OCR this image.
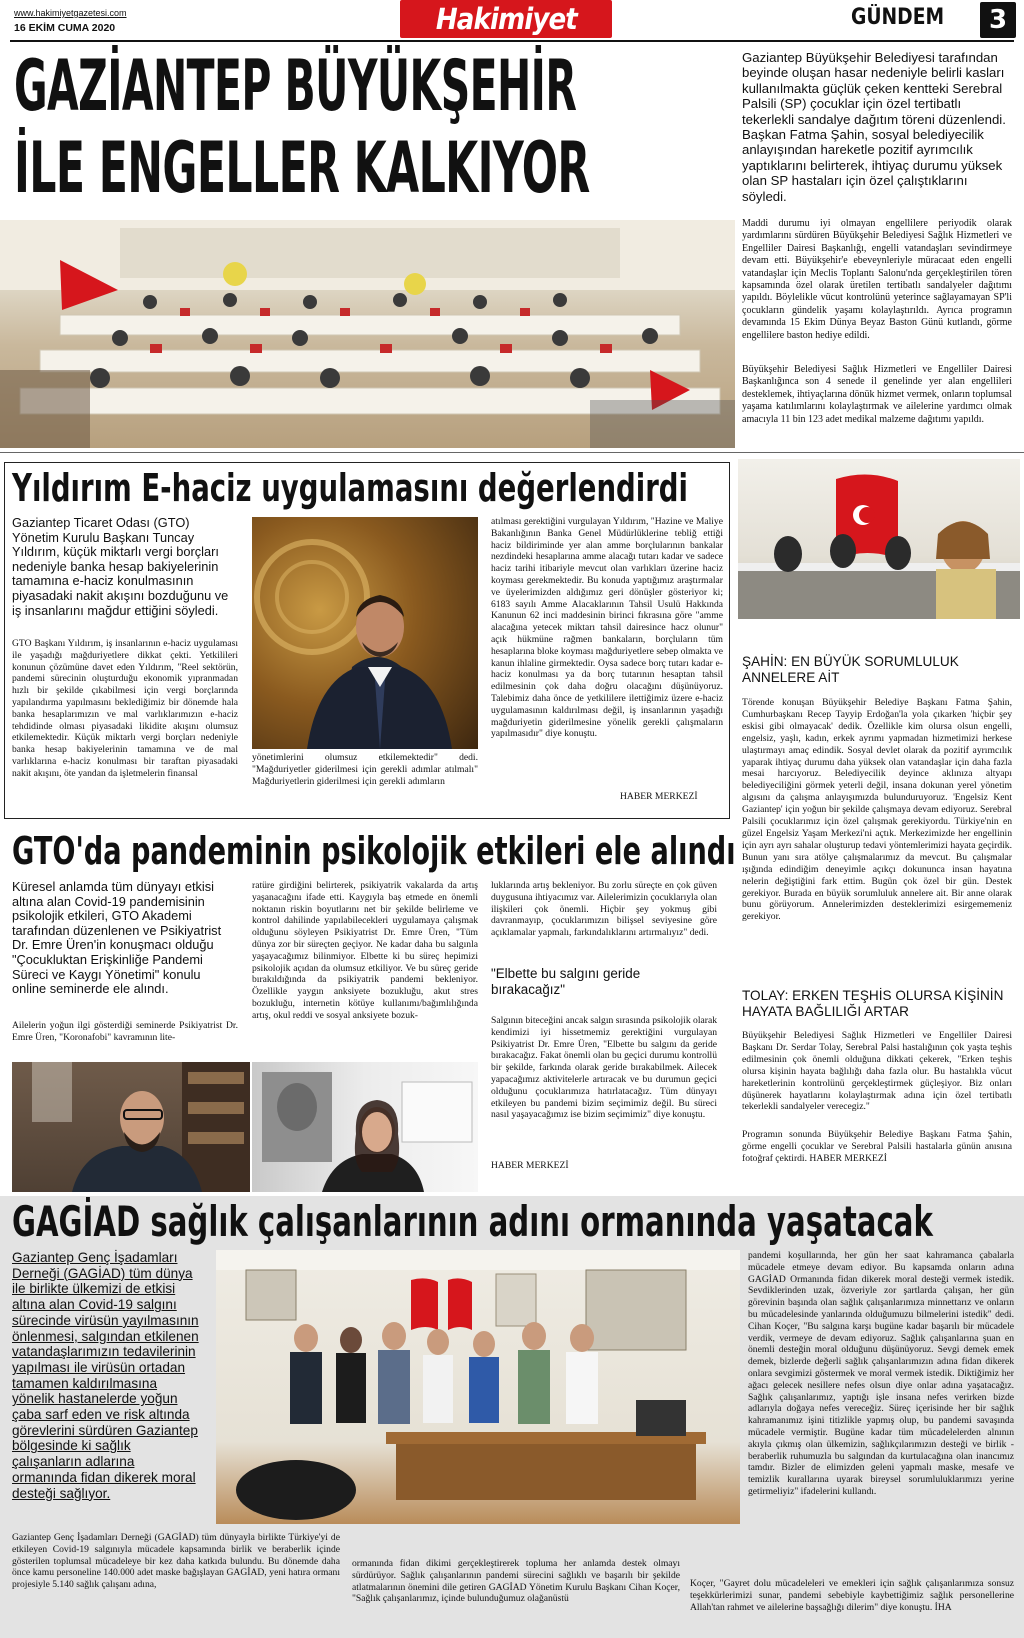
www.hakimiyetgazetesi.com
16 EKİM CUMA 2020	Hakimiyet	GÜNDEM 3
GAZİANTEP BÜYÜKŞEHİR
İLE ENGELLER KALKIYOR
Gaziantep Büyükşehir Belediyesi tarafından beyinde oluşan hasar nedeniyle belirli kasları kullanılmakta güçlük çeken kentteki Serebral Palsili (SP) çocuklar için özel tertibatlı tekerlekli sandalye dağıtım töreni düzenlendi. Başkan Fatma Şahin, sosyal belediyecilik anlayışından hareketle pozitif ayrımcılık yaptıklarını belirterek, ihtiyaç durumu yüksek olan SP hastaları için özel çalıştıklarını söyledi.
Maddi durumu iyi olmayan engellilere periyodik olarak yardımlarını sürdüren Büyükşehir Belediyesi Sağlık Hizmetleri ve Engelliler Dairesi Başkanlığı, engelli vatandaşları sevindirmeye devam etti. Büyükşehir'e ebeveynleriyle müracaat eden engelli vatandaşlar için Meclis Toplantı Salonu'nda gerçekleştirilen tören kapsamında özel olarak üretilen tertibatlı sandalyeler dağıtımı yapıldı. Böylelikle vücut kontrolünü yeterince sağlayamayan SP'li çocukların gündelik yaşamı kolaylaştırıldı. Ayrıca programın devamında 15 Ekim Dünya Beyaz Baston Günü kutlandı, görme engellilere baston hediye edildi.
Büyükşehir Belediyesi Sağlık Hizmetleri ve Engelliler Dairesi Başkanlığınca son 4 senede il genelinde yer alan engellileri desteklemek, ihtiyaçlarına dönük hizmet vermek, onların toplumsal yaşama katılımlarını kolaylaştırmak ve ailelerine yardımcı olmak amacıyla 11 bin 123 adet medikal malzeme dağıtımı yapıldı.
Yıldırım E-haciz uygulamasını değerlendirdi
Gaziantep Ticaret Odası (GTO) Yönetim Kurulu Başkanı Tuncay Yıldırım, küçük miktarlı vergi borçları nedeniyle banka hesap bakiyelerinin tamamına e-haciz konulmasının piyasadaki nakit akışını bozduğunu ve iş insanlarını mağdur ettiğini söyledi.
GTO Başkanı Yıldırım, iş insanlarının e-haciz uygulaması ile yaşadığı mağduriyetlere dikkat çekti. Yetkilileri konunun çözümüne davet eden Yıldırım, "Reel sektörün, pandemi sürecinin oluşturduğu ekonomik yıpranmadan hızlı bir şekilde çıkabilmesi için vergi borçlarında yapılandırma yapılmasını beklediğimiz bir dönemde hala banka hesaplarımızın ve mal varlıklarımızın e-haciz tehdidinde olması piyasadaki likidite akışını olumsuz etkilemektedir. Küçük miktarlı vergi borçları nedeniyle banka hesap bakiyelerinin tamamına ve de mal varlıklarına e-haciz konulması bir taraftan piyasadaki nakit akışını, öte yandan da işletmelerin finansal
yönetimlerini olumsuz etkilemektedir" dedi. "Mağduriyetler giderilmesi için gerekli adımlar atılmalı" Mağduriyetlerin giderilmesi için gerekli adımların
atılması gerektiğini vurgulayan Yıldırım, "Hazine ve Maliye Bakanlığının Banka Genel Müdürlüklerine tebliğ ettiği haciz bildiriminde yer alan amme borçlularının bankalar nezdindeki hesaplarına amme alacağı tutarı kadar ve sadece haciz tarihi itibariyle mevcut olan varlıkları üzerine haciz koyması gerekmektedir. Bu konuda yaptığımız araştırmalar ve üyelerimizden aldığımız geri dönüşler gösteriyor ki; 6183 sayılı Amme Alacaklarının Tahsil Usulü Hakkında Kanunun 62 inci maddesinin birinci fıkrasına göre "amme alacağına yetecek miktarı tahsil dairesince hacz olunur" açık hükmüne rağmen bankaların, borçluların tüm hesaplarına bloke koyması mağduriyetlere sebep olmakta ve kanun ihlaline girmektedir. Oysa sadece borç tutarı kadar e-haciz konulması ya da borç tutarının hesaptan tahsil edilmesinin çok daha doğru olacağını düşünüyoruz. Talebimiz daha önce de yetkililere ilettiğimiz üzere e-haciz uygulamasının kaldırılması değil, iş insanlarının yaşadığı mağduriyetin giderilmesine yönelik gerekli çalışmaların yapılmasıdır" diye konuştu.
HABER MERKEZİ
ŞAHİN: EN BÜYÜK SORUMLULUK ANNELERE AİT
Törende konuşan Büyükşehir Belediye Başkanı Fatma Şahin, Cumhurbaşkanı Recep Tayyip Erdoğan'la yola çıkarken 'hiçbir şey eskisi gibi olmayacak' dedik. Özellikle kim olursa olsun engelli, engelsiz, yaşlı, kadın, erkek ayrımı yapmadan hizmetimizi herkese ulaştırmayı amaç edindik. Sosyal devlet olarak da pozitif ayrımcılık yaparak ihtiyaç durumu daha yüksek olan vatandaşlar için daha fazla mesai harcıyoruz. Belediyecilik deyince aklınıza altyapı belediyeciliğini görmek yeterli değil, insana dokunan yerel yönetim algısını da çalışma anlayışımızda bulunduruyoruz. 'Engelsiz Kent Gaziantep' için yoğun bir şekilde çalışmaya devam ediyoruz. Serebral Palsili çocuklarımız için özel çalışmak gerekiyordu. Türkiye'nin en güzel Engelsiz Yaşam Merkezi'ni açtık. Merkezimizde her engellinin için ayrı ayrı sahalar oluşturup tedavi yöntemlerimizi hayata geçirdik. Bunun yanı sıra atölye çalışmalarımız da mevcut. Bu çalışmalar ışığında edindiğim deneyimle açıkçı dokununca insan hayatına nelerin değiştiğini fark ettim. Bugün çok özel bir gün. Destek gerekiyor. Burada en büyük sorumluluk annelere ait. Bir anne olarak bunu görüyorum. Annelerimizden desteklerimizi esirgememeniz gerekiyor.
TOLAY: ERKEN TEŞHİS OLURSA KİŞİNİN HAYATA BAĞLILIĞI ARTAR
Büyükşehir Belediyesi Sağlık Hizmetleri ve Engelliler Dairesi Başkanı Dr. Serdar Tolay, Serebral Palsi hastalığının çok yaşta teşhis edilmesinin çok önemli olduğuna dikkati çekerek, "Erken teşhis olursa kişinin hayata bağlılığı daha fazla olur. Bu hastalıkla vücut hareketlerinin kontrolünü gerçekleştirmek güçleşiyor. Biz onları düşünerek hayatlarını kolaylaştırmak adına için özel tertibatlı tekerlekli sandalyeler verecegiz."
Programın sonunda Büyükşehir Belediye Başkanı Fatma Şahin, görme engelli çocuklar ve Serebral Palsili hastalarla günün anısına fotoğraf çektirdi. HABER MERKEZİ
GTO'da pandeminin psikolojik etkileri ele alındı
Küresel anlamda tüm dünyayı etkisi altına alan Covid-19 pandemisinin psikolojik etkileri, GTO Akademi tarafından düzenlenen ve Psikiyatrist Dr. Emre Üren'in konuşmacı olduğu "Çocukluktan Erişkinliğe Pandemi Süreci ve Kaygı Yönetimi" konulu online seminerde ele alındı.
Ailelerin yoğun ilgi gösterdiği seminerde Psikiyatrist Dr. Emre Üren, "Koronafobi" kavramının lite-
ratüre girdiğini belirterek, psikiyatrik vakalarda da artış yaşanacağını ifade etti. Kaygıyla baş etmede en önemli noktanın riskin boyutlarını net bir şekilde belirleme ve kontrol dahilinde yapılabilecekleri uygulamaya çalışmak olduğunu söyleyen Psikiyatrist Dr. Emre Üren, "Tüm dünya zor bir süreçten geçiyor. Ne kadar daha bu salgınla yaşayacağımız bilinmiyor. Elbette ki bu süreç hepimizi psikolojik açıdan da olumsuz etkiliyor. Ve bu süreç geride bırakıldığında da psikiyatrik pandemi bekleniyor. Özellikle yaygın anksiyete bozukluğu, akut stres bozukluğu, internetin kötüye kullanımı/bağımlılığında artış, okul reddi ve sosyal anksiyete bozuk-
luklarında artış bekleniyor. Bu zorlu süreçte en çok güven duygusuna ihtiyacımız var. Ailelerimizin çocuklarıyla olan ilişkileri çok önemli. Hiçbir şey yokmuş gibi davranmayıp, çocuklarımızın bilişsel seviyesine göre açıklamalar yapmalı, farkındalıklarını artırmalıyız" dedi.
"Elbette bu salgını geride bırakacağız"
Salgının biteceğini ancak salgın sırasında psikolojik olarak kendimizi iyi hissetmemiz gerektiğini vurgulayan Psikiyatrist Dr. Emre Üren, "Elbette bu salgını da geride bırakacağız. Fakat önemli olan bu geçici durumu kontrollü bir şekilde, farkında olarak geride bırakabilmek. Ailecek yapacağımız aktivitelerle artıracak ve bu durumun geçici olduğunu çocuklarımıza hatırlatacağız. Tüm dünyayı etkileyen bu pandemi bizim seçimimiz değil. Bu süreci nasıl yaşayacağımız ise bizim seçimimiz" diye konuştu.
HABER MERKEZİ
GAGİAD sağlık çalışanlarının adını ormanında yaşatacak
Gaziantep Genç İşadamları Derneği (GAGİAD) tüm dünya ile birlikte ülkemizi de etkisi altına alan Covid-19 salgını sürecinde virüsün yayılmasının önlenmesi, salgından etkilenen vatandaşlarımızın tedavilerinin yapılması ile virüsün ortadan tamamen kaldırılmasına yönelik hastanelerde yoğun çaba sarf eden ve risk altında görevlerini sürdüren Gaziantep bölgesinde ki sağlık çalışanların adlarına ormanında fidan dikerek moral desteği sağlıyor.
Gaziantep Genç İşadamları Derneği (GAGİAD) tüm dünyayla birlikte Türkiye'yi de etkileyen Covid-19 salgınıyla mücadele kapsamında birlik ve beraberlik içinde gösterilen toplumsal mücadeleye bir kez daha katkıda bulundu. Bu dönemde daha önce kamu personeline 140.000 adet maske bağışlayan GAGİAD, yeni hatıra ormanı projesiyle 5.140 sağlık çalışanı adına,
ormanında fidan dikimi gerçekleştirerek topluma her anlamda destek olmayı sürdürüyor. Sağlık çalışanlarının pandemi sürecini sağlıklı ve başarılı bir şekilde atlatmalarının önemini dile getiren GAGİAD Yönetim Kurulu Başkanı Cihan Koçer, "Sağlık çalışanlarımız, içinde bulunduğumuz olağanüstü
pandemi koşullarında, her gün her saat kahramanca çabalarla mücadele etmeye devam ediyor. Bu kapsamda onların adına GAGİAD Ormanında fidan dikerek moral desteği vermek istedik. Sevdiklerinden uzak, özveriyle zor şartlarda çalışan, her gün görevinin başında olan sağlık çalışanlarımıza minnettarız ve onların bu mücadelesinde yanlarında olduğumuzu bilmelerini istedik" dedi. Cihan Koçer, "Bu salgına karşı bugüne kadar başarılı bir mücadele verdik, vermeye de devam ediyoruz. Sağlık çalışanlarına şuan en önemli desteğin moral olduğunu düşünüyoruz. Sevgi demek emek demek, bizlerde değerli sağlık çalışanlarımızın adına fidan dikerek onlara sevgimizi göstermek ve moral vermek istedik. Diktiğimiz her ağacı gelecek nesillere nefes olsun diye onlar adına yaşatacağız. Sağlık çalışanlarımız, yaptığı işle insana nefes verirken bizde adlarıyla doğaya nefes vereceğiz. Süreç içerisinde her bir sağlık kahramanımız işini titizlikle yapmış olup, bu pandemi savaşında mücadele vermiştir. Bugüne kadar tüm mücadelelerden alnının akıyla çıkmış olan ülkemizin, sağlıkçılarımızın desteği ve birlik - beraberlik ruhumuzla bu salgından da kurtulacağına olan inancımız tamdır. Bizler de elimizden geleni yapmalı maske, mesafe ve temizlik kurallarına uyarak bireysel sorumluluklarımızı yerine getirmeliyiz" ifadelerini kullandı.
Koçer, "Gayret dolu mücadeleleri ve emekleri için sağlık çalışanlarımıza sonsuz teşekkürlerimizi sunar, pandemi sebebiyle kaybettiğimiz sağlık personellerine Allah'tan rahmet ve ailelerine başsağlığı dilerim" diye konuştu. İHA
